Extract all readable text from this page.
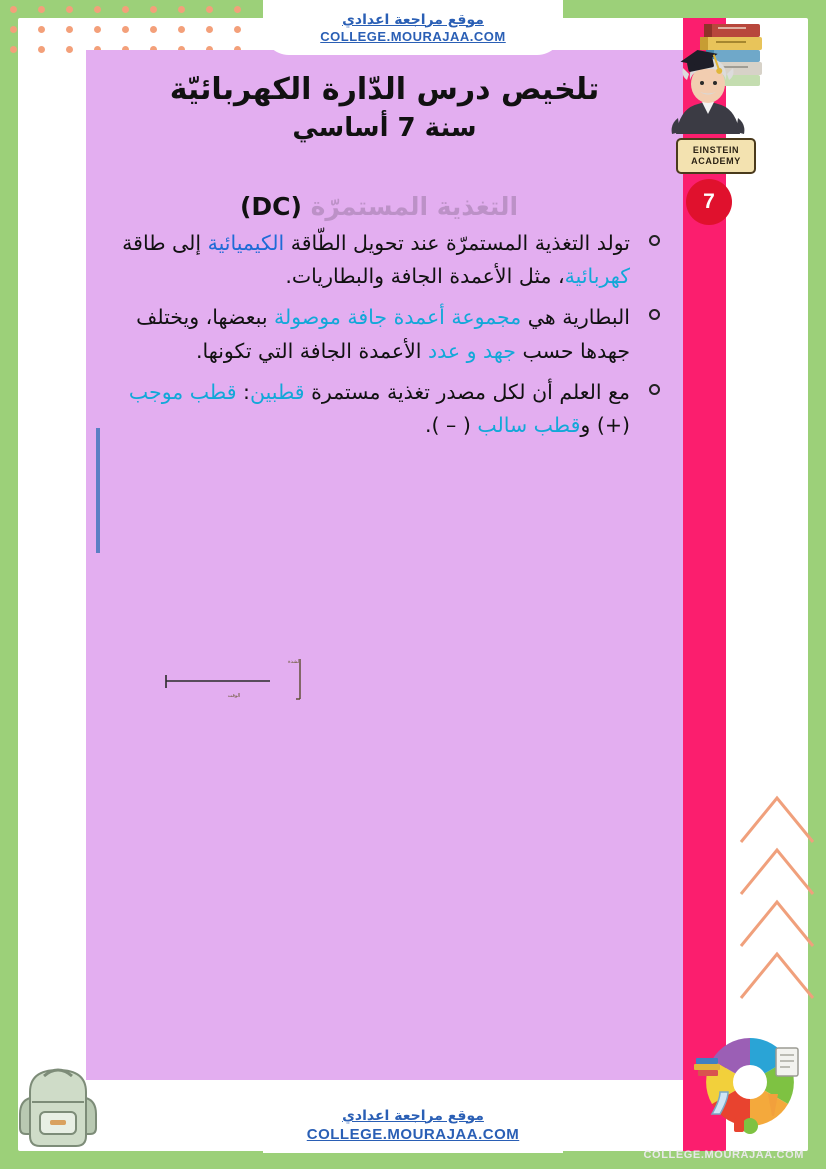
موقع مراجعة اعدادي
COLLEGE.MOURAJAA.COM
EINSTEIN
ACADEMY
7
تلخيص درس الدّارة الكهربائيّة
سنة 7 أساسي
(DC) التغذية المستمرّة
تولد التغذية المستمرّة عند تحويل الطّاقة الكيميائية إلى طاقة كهربائية، مثل الأعمدة الجافة والبطاريات.
البطارية هي مجموعة أعمدة جافة موصولة ببعضها، ويختلف جهدها حسب جهد و عدد الأعمدة الجافة التي تكونها.
مع العلم أن لكل مصدر تغذية مستمرة قطبين: قطب موجب (+) وقطب سالب ( – ).
الشدة
الوقت
موقع مراجعة اعدادي
COLLEGE.MOURAJAA.COM
COLLEGE.MOURAJAA.COM
